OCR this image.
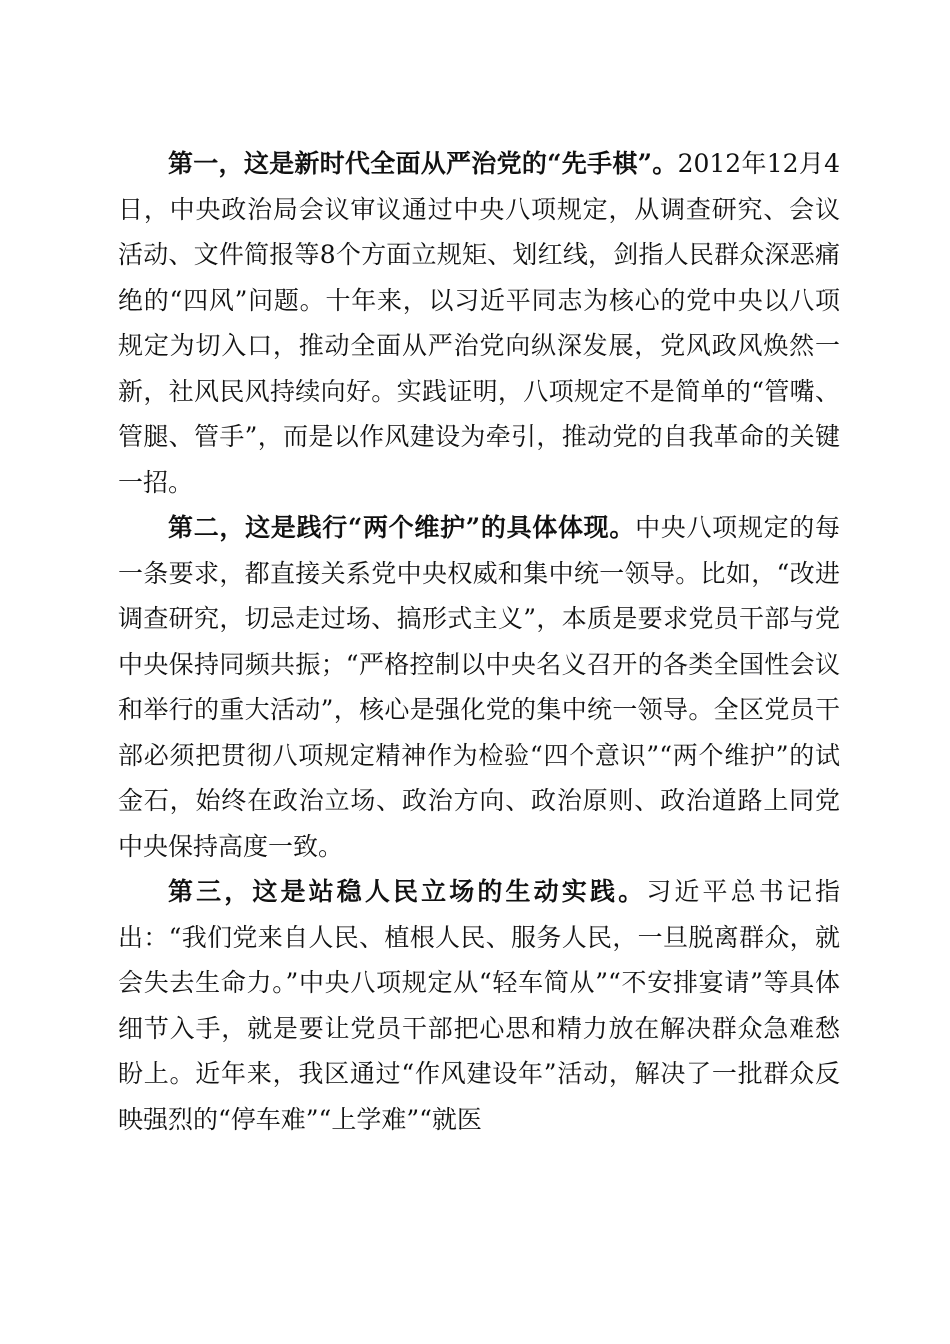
第一，这是新时代全面从严治党的“先手棋”。2012年12月4日，中央政治局会议审议通过中央八项规定，从调查研究、会议活动、文件简报等8个方面立规矩、划红线，剑指人民群众深恶痛绝的“四风”问题。十年来，以习近平同志为核心的党中央以八项规定为切入口，推动全面从严治党向纵深发展，党风政风焕然一新，社风民风持续向好。实践证明，八项规定不是简单的“管嘴、管腿、管手”，而是以作风建设为牵引，推动党的自我革命的关键一招。

第二，这是践行“两个维护”的具体体现。中央八项规定的每一条要求，都直接关系党中央权威和集中统一领导。比如，“改进调查研究，切忌走过场、搞形式主义”，本质是要求党员干部与党中央保持同频共振；“严格控制以中央名义召开的各类全国性会议和举行的重大活动”，核心是强化党的集中统一领导。全区党员干部必须把贯彻八项规定精神作为检验“四个意识”“两个维护”的试金石，始终在政治立场、政治方向、政治原则、政治道路上同党中央保持高度一致。

第三，这是站稳人民立场的生动实践。习近平总书记指出：“我们党来自人民、植根人民、服务人民，一旦脱离群众，就会失去生命力。”中央八项规定从“轻车简从”“不安排宴请”等具体细节入手，就是要让党员干部把心思和精力放在解决群众急难愁盼上。近年来，我区通过“作风建设年”活动，解决了一批群众反映强烈的“停车难”“上学难”“就医
